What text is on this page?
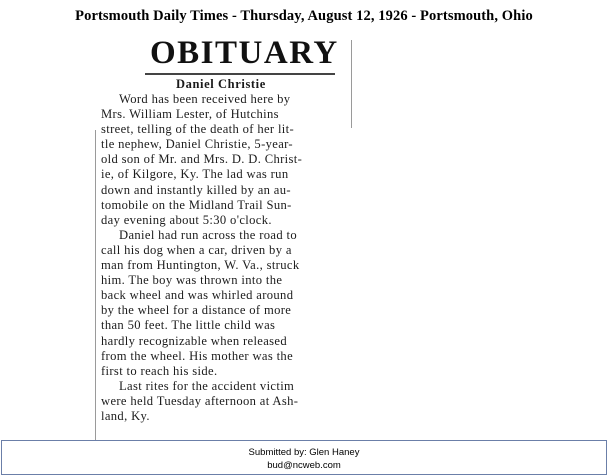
Portsmouth Daily Times - Thursday, August 12, 1926 - Portsmouth, Ohio
OBITUARY
Daniel Christie
Word has been received here by
Mrs. William Lester, of Hutchins
street, telling of the death of her lit-
tle nephew, Daniel Christie, 5-year-
old son of Mr. and Mrs. D. D. Christ-
ie, of Kilgore, Ky. The lad was run
down and instantly killed by an au-
tomobile on the Midland Trail Sun-
day evening about 5:30 o'clock.
Daniel had run across the road to
call his dog when a car, driven by a
man from Huntington, W. Va., struck
him. The boy was thrown into the
back wheel and was whirled around
by the wheel for a distance of more
than 50 feet. The little child was
hardly recognizable when released
from the wheel. His mother was the
first to reach his side.
Last rites for the accident victim
were held Tuesday afternoon at Ash-
land, Ky.
Submitted by: Glen Haney
bud@ncweb.com
